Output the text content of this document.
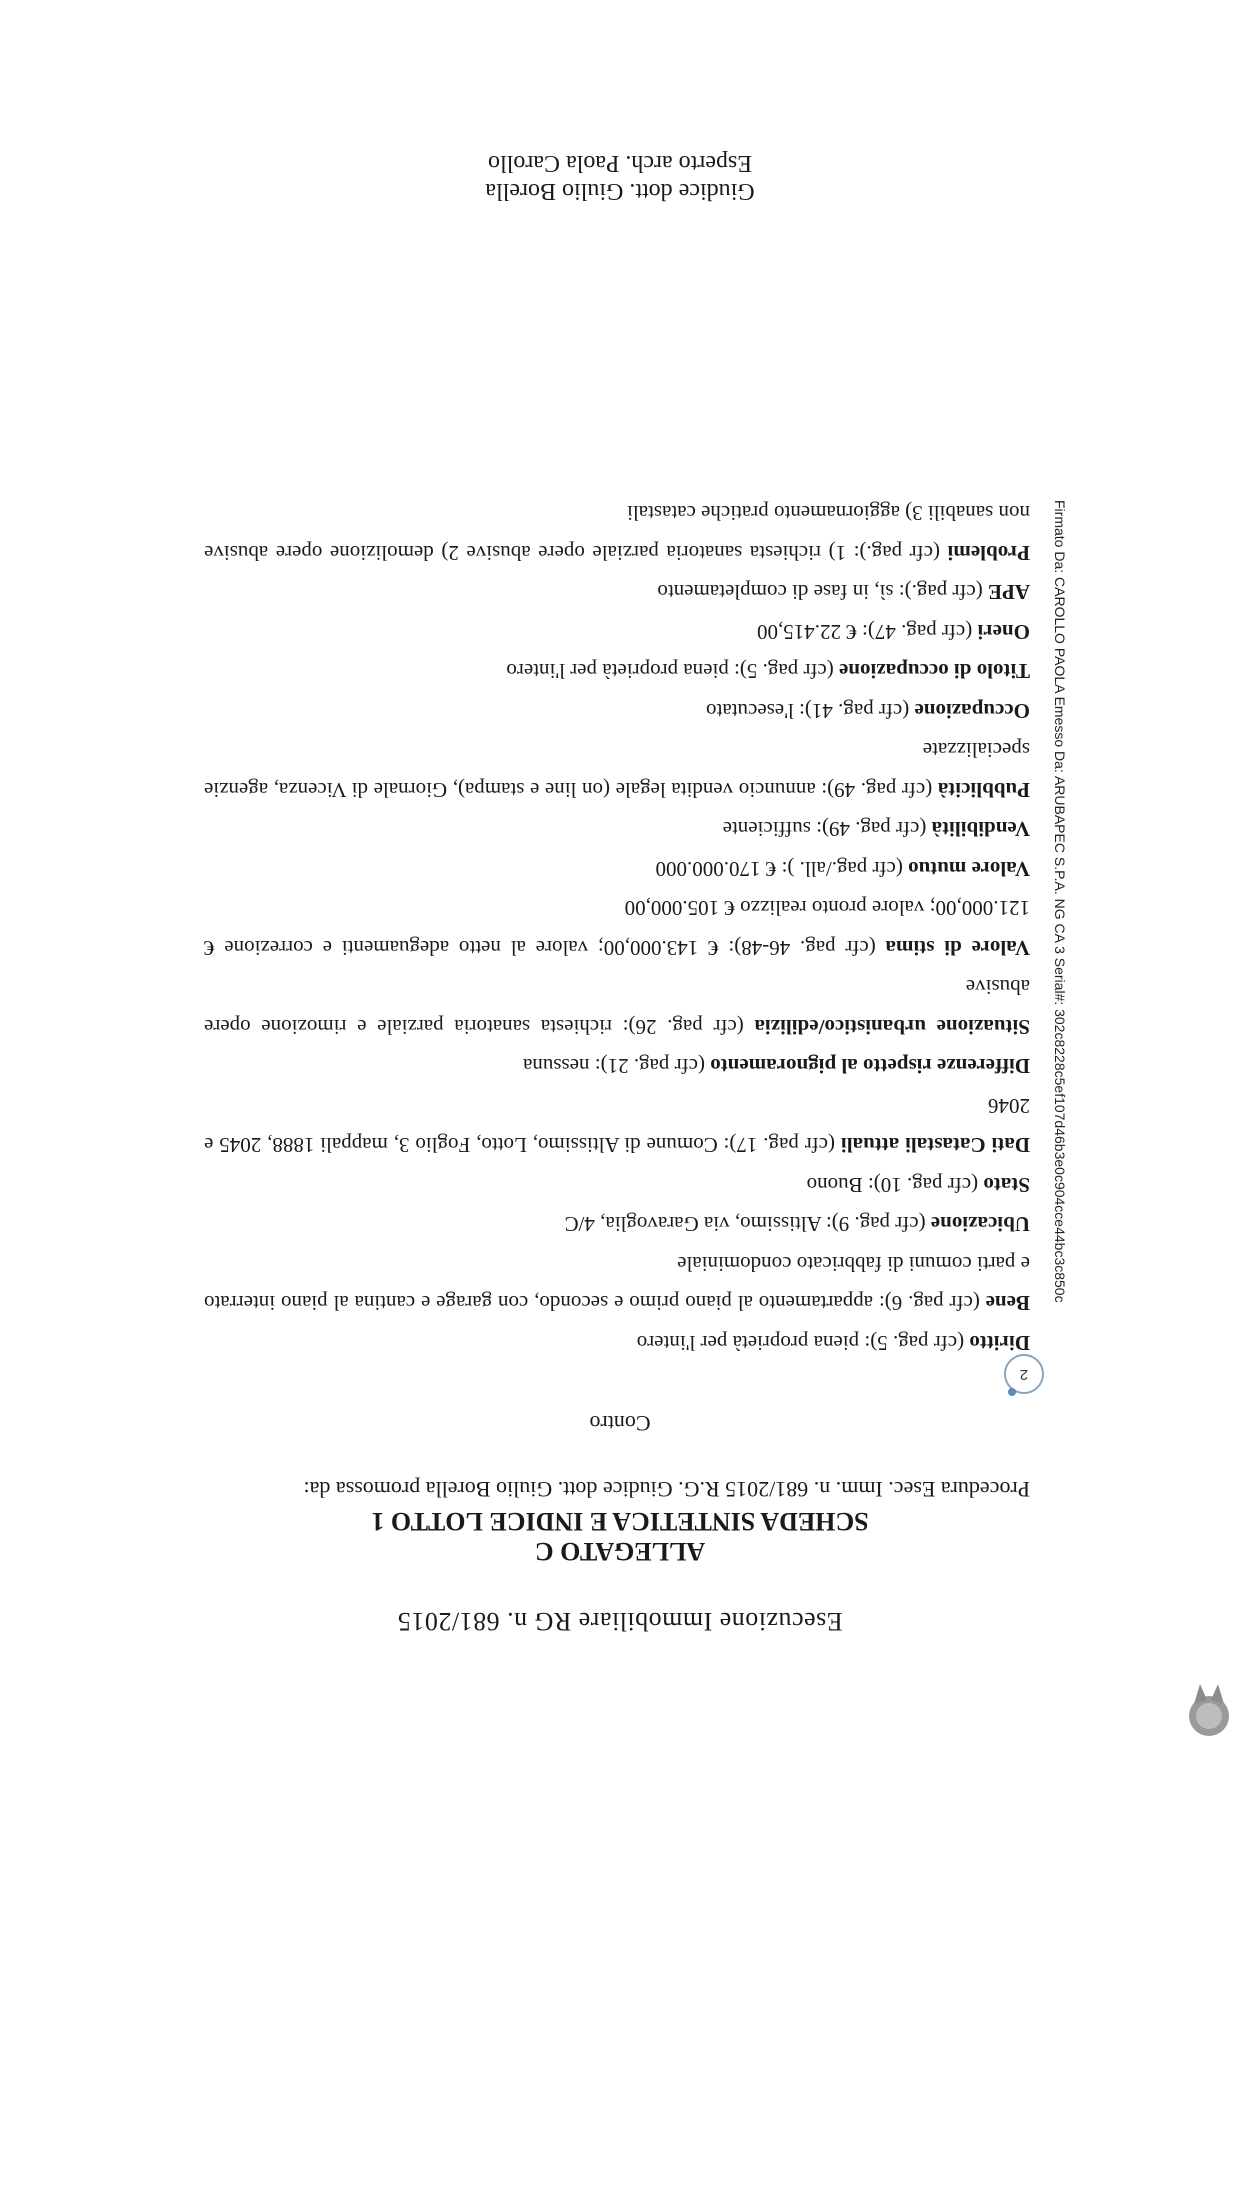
Esecuzione Immobiliare RG n. 681/2015
ALLEGATO C
SCHEDA SINTETICA E INDICE LOTTO 1
Procedura Esec. Imm. n. 681/2015 R.G. Giudice dott. Giulio Borella promossa da:
Contro

Diritto (cfr pag. 5): piena proprietà per l'intero

Bene (cfr pag. 6): appartamento al piano primo e secondo, con garage e cantina al piano interrato e parti comuni di fabbricato condominiale

Ubicazione (cfr pag. 9): Altissimo, via Garavoglia, 4/C

Stato (cfr pag. 10): Buono

Dati Catastali attuali (cfr pag. 17): Comune di Altissimo, Lotto, Foglio 3, mappali 1888, 2045 e 2046

Differenze rispetto al pignoramento (cfr pag. 21): nessuna

Situazione urbanistico/edilizia (cfr pag. 26): richiesta sanatoria parziale e rimozione opere abusive

Valore di stima (cfr pag. 46-48): € 143.000,00; valore al netto adeguamenti e correzione € 121.000,00; valore pronto realizzo € 105.000,00

Valore mutuo (cfr pag./all. ): € 170.000.000

Vendibilità (cfr pag. 49): sufficiente

Pubblicità (cfr pag. 49): annuncio vendita legale (on line e stampa), Giornale di Vicenza, agenzie specializzate

Occupazione (cfr pag. 41): l'esecutato

Titolo di occupazione (cfr pag. 5): piena proprietà per l'intero

Oneri (cfr pag. 47): € 22.415,00

APE (cfr pag.): sì, in fase di completamento

Problemi (cfr pag.): 1) richiesta sanatoria parziale opere abusive 2) demolizione opere abusive non sanabili 3) aggiornamento pratiche catastali

2
Giudice dott. Giulio Borella
Esperto arch. Paola Carollo
Firmato Da: CAROLLO PAOLA Emesso Da: ARUBAPEC S.P.A. NG CA 3 Serial#: 302c8228c5ef107d46b3e0c904cce44bc3c850c
